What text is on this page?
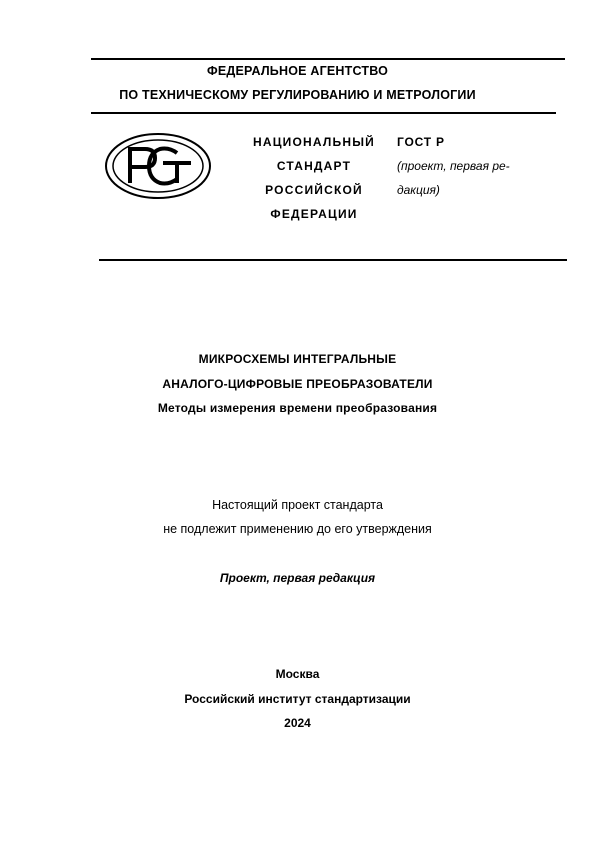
ФЕДЕРАЛЬНОЕ АГЕНТСТВО
ПО ТЕХНИЧЕСКОМУ РЕГУЛИРОВАНИЮ И МЕТРОЛОГИИ
НАЦИОНАЛЬНЫЙ
СТАНДАРТ
РОССИЙСКОЙ
ФЕДЕРАЦИИ
ГОСТ Р
(проект, первая ре-
дакция)
МИКРОСХЕМЫ ИНТЕГРАЛЬНЫЕ
АНАЛОГО-ЦИФРОВЫЕ ПРЕОБРАЗОВАТЕЛИ
Методы измерения времени преобразования
Настоящий проект стандарта
не подлежит применению до его утверждения
Проект, первая редакция
Москва
Российский институт стандартизации
2024
